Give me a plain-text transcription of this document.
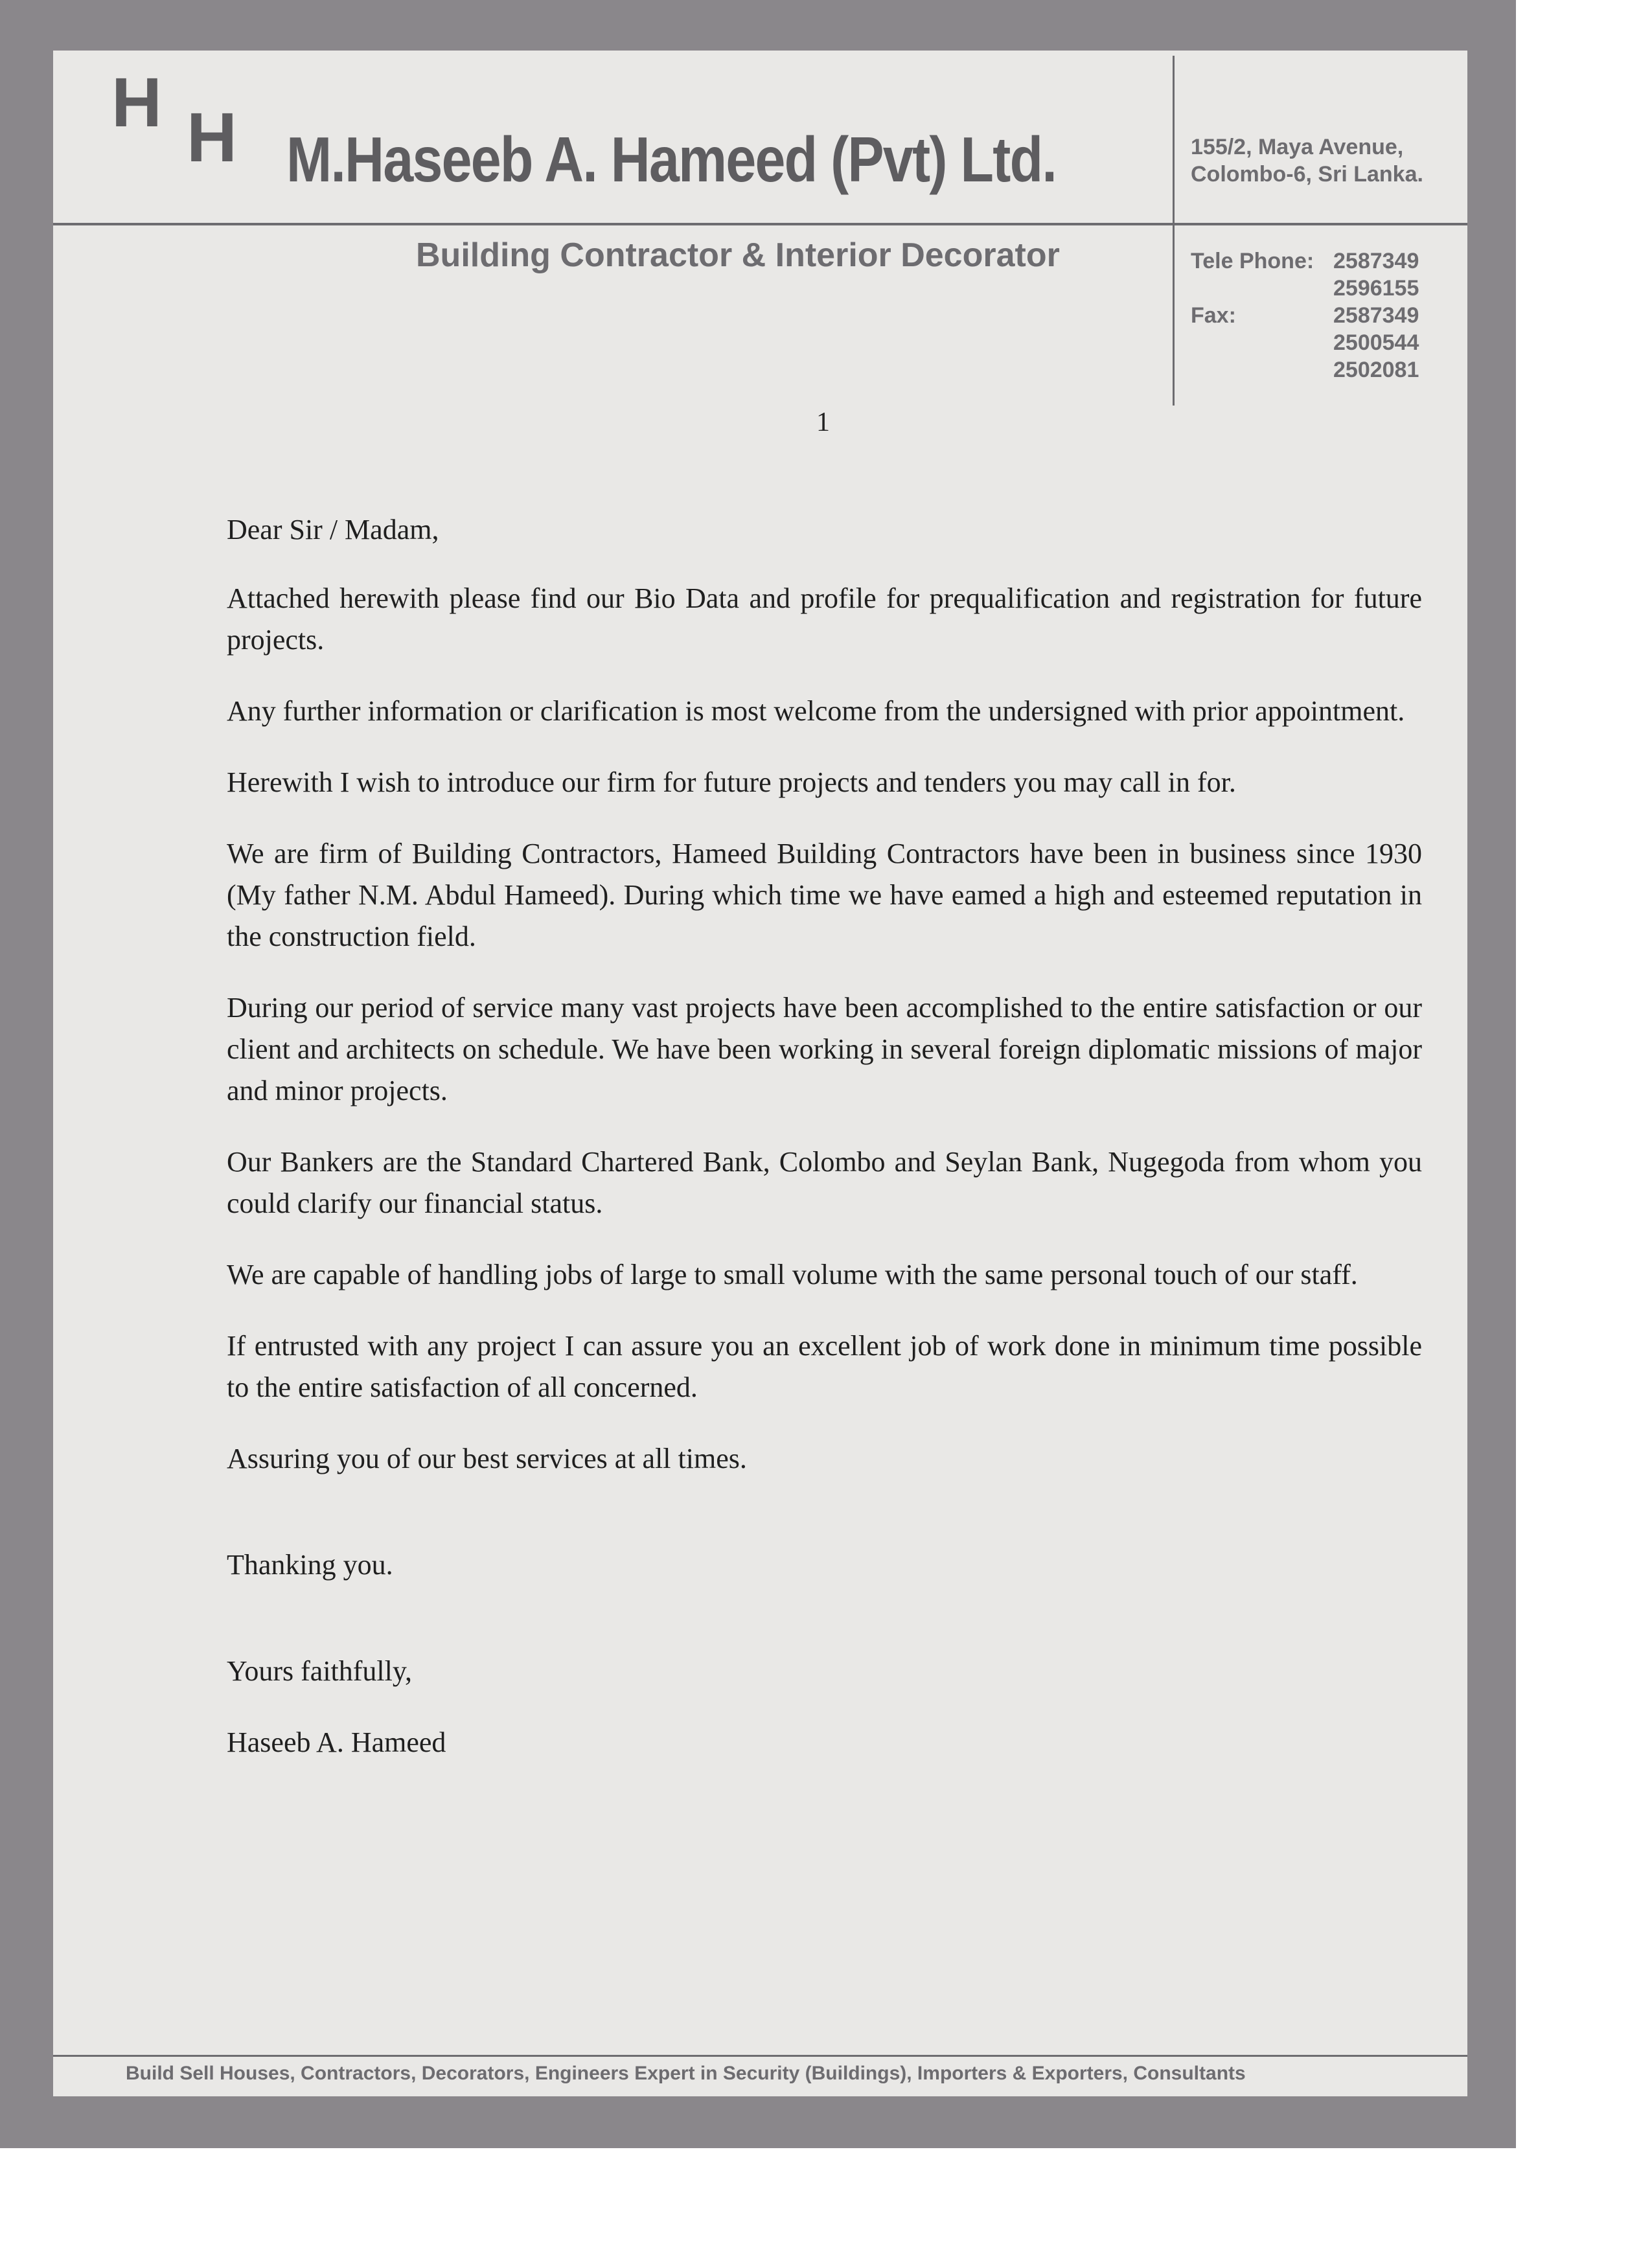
H H M.Haseeb A. Hameed (Pvt) Ltd.	155/2, Maya Avenue,
Colombo-6, Sri Lanka.
Building Contractor & Interior Decorator	Tele Phone: 2587349
2596155
Fax:	2587349
2500544
2502081
1

Dear Sir / Madam,

Attached herewith please find our Bio Data and profile for prequalification and registration for future projects.

Any further information or clarification is most welcome from the undersigned with prior appointment.

Herewith I wish to introduce our firm for future projects and tenders you may call in for.

We are firm of Building Contractors, Hameed Building Contractors have been in business since 1930 (My father N.M. Abdul Hameed). During which time we have eamed a high and esteemed reputation in the construction field.

During our period of service many vast projects have been accomplished to the entire satisfaction or our client and architects on schedule. We have been working in several foreign diplomatic missions of major and minor projects.

Our Bankers are the Standard Chartered Bank, Colombo and Seylan Bank, Nugegoda from whom you could clarify our financial status.

We are capable of handling jobs of large to small volume with the same personal touch of our staff.

If entrusted with any project I can assure you an excellent job of work done in minimum time possible to the entire satisfaction of all concerned.

Assuring you of our best services at all times.

Thanking you.

Yours faithfully,

Haseeb A. Hameed

Build Sell Houses, Contractors, Decorators, Engineers Expert in Security (Buildings), Importers & Exporters, Consultants
